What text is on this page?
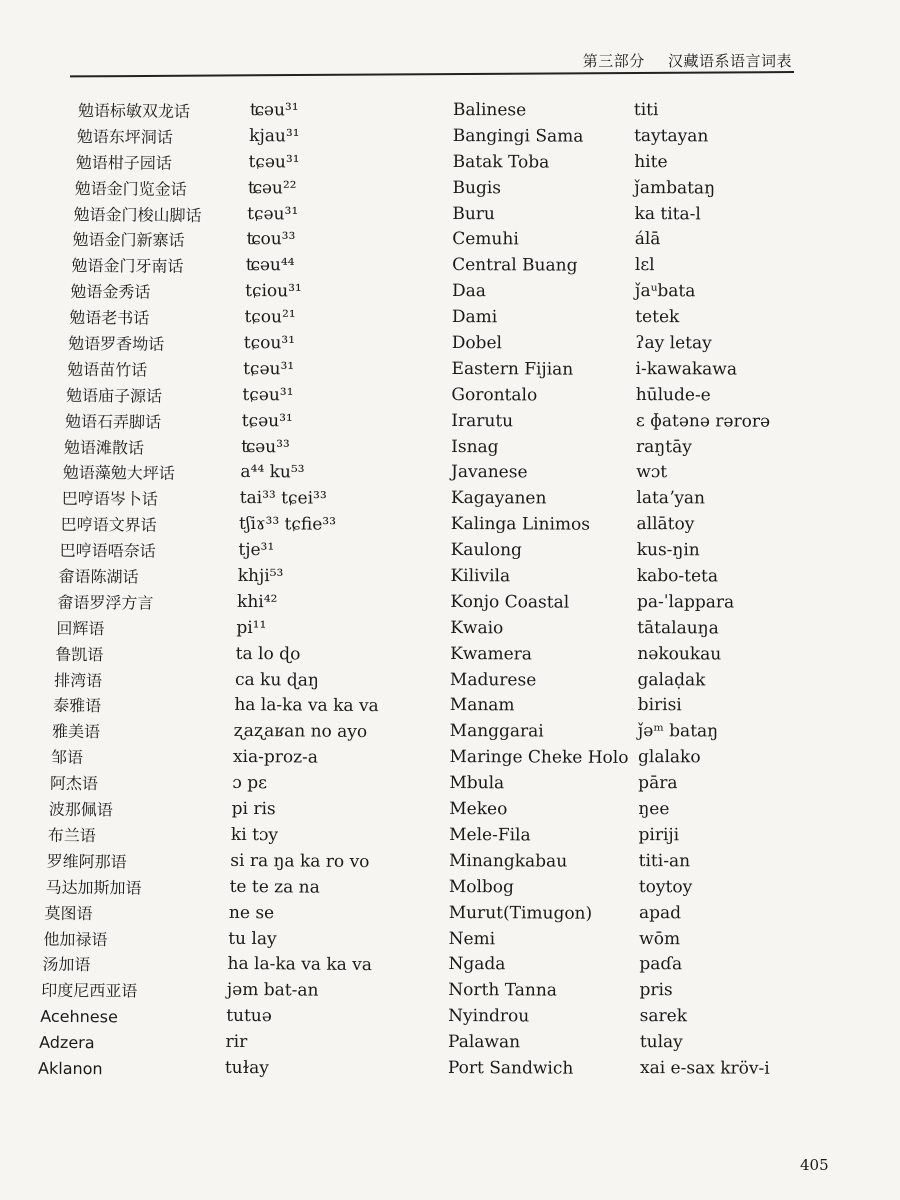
第三部分 汉藏语系语言词表
勉语标敏双龙话
勉语东坪洞话
勉语柑子园话
勉语金门览金话
勉语金门梭山脚话
勉语金门新寨话
勉语金门牙南话
勉语金秀话
勉语老书话
勉语罗香坳话
勉语苗竹话
勉语庙子源话
勉语石弄脚话
勉语滩散话
勉语藻勉大坪话
巴哼语岑卜话
巴哼语文界话
巴哼语唔奈话
畲语陈湖话
畲语罗浮方言
回辉语
鲁凯语
排湾语
泰雅语
雅美语
邹语
阿杰语
波那佩语
布兰语
罗维阿那语
马达加斯加语
莫图语
他加禄语
汤加语
印度尼西亚语
Acehnese
Adzera
Aklanon
ʨəu³¹
kjau³¹
tɕəu³¹
ʨəu²²
tɕəu³¹
ʨou³³
ʨəu⁴⁴
tɕiou³¹
tɕou²¹
tɕou³¹
tɕəu³¹
tɕəu³¹
tɕəu³¹
ʨəu³³
a⁴⁴ ku⁵³
tai³³ tɕei³³
tʃiɤ³³ tɕfie³³
tje³¹
khji⁵³
khi⁴²
pi¹¹
ta lo ɖo
ca ku ɖaŋ
ha la-ka va ka va
ʐaʐaʁan no ayo
xia-proz-a
ɔ pɛ
pi ris
ki tɔy
si ra ŋa ka ro vo
te te za na
ne se
tu lay
ha la-ka va ka va
jəm bat-an
tutuə
rir
tuɫay
Balinese
Bangingi Sama
Batak Toba
Bugis
Buru
Cemuhi
Central Buang
Daa
Dami
Dobel
Eastern Fijian
Gorontalo
Irarutu
Isnag
Javanese
Kagayanen
Kalinga Linimos
Kaulong
Kilivila
Konjo Coastal
Kwaio
Kwamera
Madurese
Manam
Manggarai
Maringe Cheke Holo
Mbula
Mekeo
Mele-Fila
Minangkabau
Molbog
Murut(Timugon)
Nemi
Ngada
North Tanna
Nyindrou
Palawan
Port Sandwich
titi
taytayan
hite
ǰambataŋ
ka tita-l
álā
lɛl
ǰaᵘbata
tetek
ʔay letay
i-kawakawa
hūlude-e
ɛ ɸatənə rərorə
raŋtāy
wɔt
lataʼyan
allātoy
kus-ŋin
kabo-teta
pa-ˈlappara
tātalauŋa
nəkoukau
galaḍak
birisi
ǰəᵐ bataŋ
glalako
pāra
ŋee
piriji
titi-an
toytoy
apad
wōm
paɗa
pris
sarek
tulay
xai e-sax kröv-i
405
